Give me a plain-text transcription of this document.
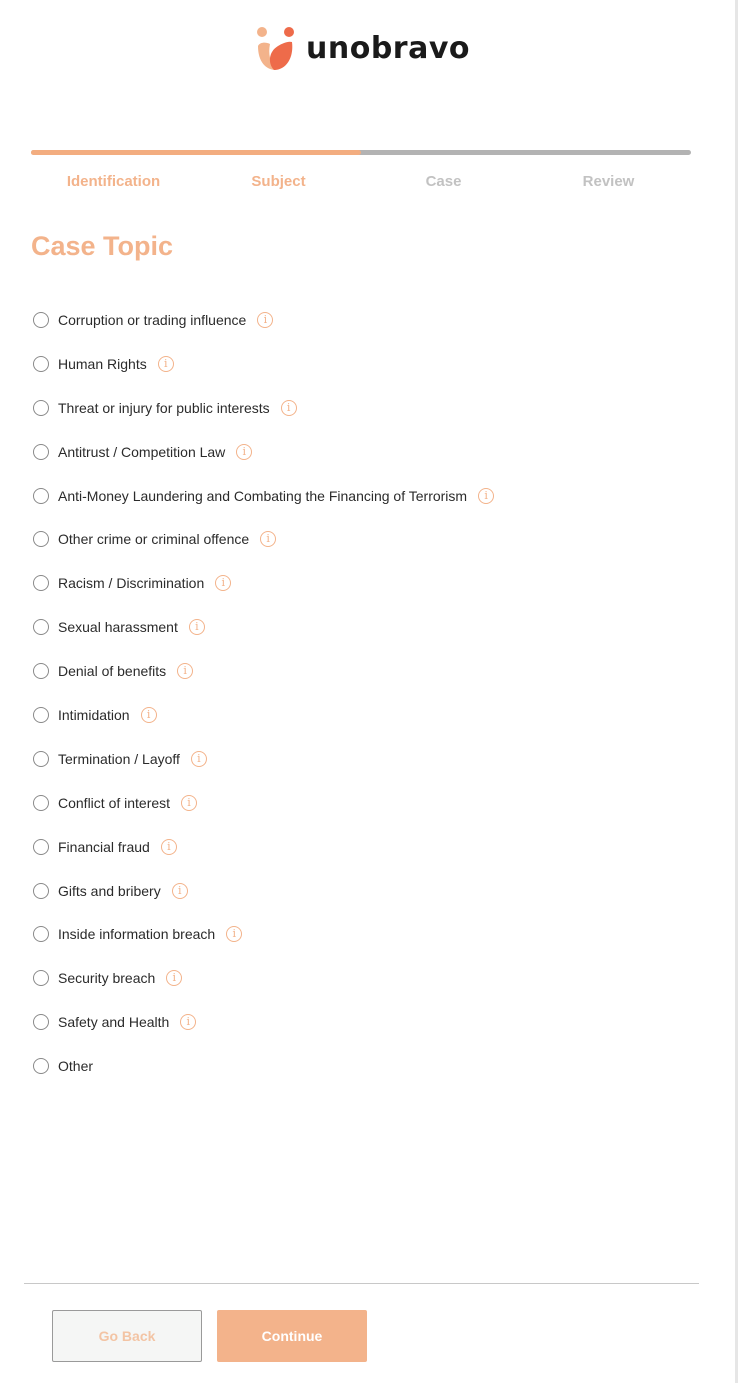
unobravo
Identification	Subject	Case	Review
Case Topic
Corruption or trading influence	i
Human Rights	i
Threat or injury for public interests	i
Antitrust / Competition Law	i
Anti-Money Laundering and Combating the Financing of Terrorism	i
Other crime or criminal offence	i
Racism / Discrimination	i
Sexual harassment	i
Denial of benefits	i
Intimidation	i
Termination / Layoff	i
Conflict of interest	i
Financial fraud	i
Gifts and bribery	i
Inside information breach	i
Security breach	i
Safety and Health	i
Other
Go Back	Continue
